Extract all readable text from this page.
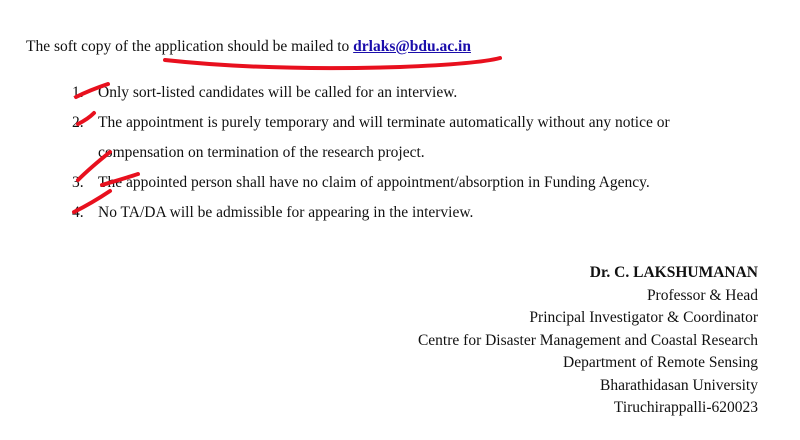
The soft copy of the application should be mailed to drlaks@bdu.ac.in
1. Only sort-listed candidates will be called for an interview.
2. The appointment is purely temporary and will terminate automatically without any notice or compensation on termination of the research project.
3. The appointed person shall have no claim of appointment/absorption in Funding Agency.
4. No TA/DA will be admissible for appearing in the interview.
Dr. C. LAKSHUMANAN
Professor & Head
Principal Investigator & Coordinator
Centre for Disaster Management and Coastal Research
Department of Remote Sensing
Bharathidasan University
Tiruchirappalli-620023
